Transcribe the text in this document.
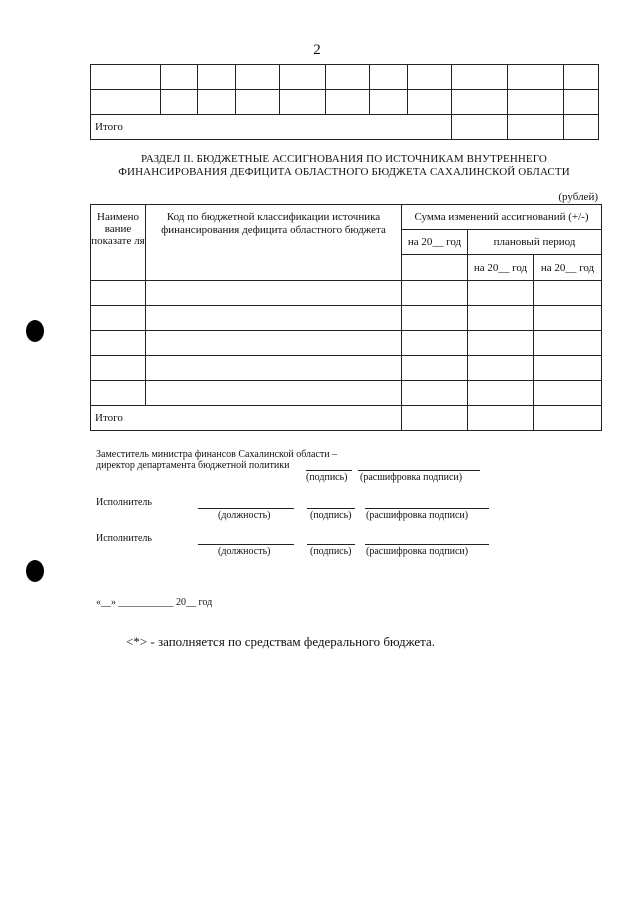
2

Итого										
РАЗДЕЛ II. БЮДЖЕТНЫЕ АССИГНОВАНИЯ ПО ИСТОЧНИКАМ ВНУТРЕННЕГО
ФИНАНСИРОВАНИЯ ДЕФИЦИТА ОБЛАСТНОГО БЮДЖЕТА САХАЛИНСКОЙ ОБЛАСТИ
(рублей)
Наимено вание показате ля	Код по бюджетной классификации источника финансирования дефицита областного бюджета	Сумма изменений ассигнований (+/-)		
		на 20__ год	плановый период	
			на 20__ год	на 20__ год

Итого				
Заместитель министра финансов Сахалинской области –
директор департамента бюджетной политики
(подпись) (расшифровка подписи)
Исполнитель
(должность)	(подпись) (расшифровка подписи)
Исполнитель
(должность)	(подпись) (расшифровка подписи)
«__» ___________ 20__ год
<*> - заполняется по средствам федерального бюджета.
